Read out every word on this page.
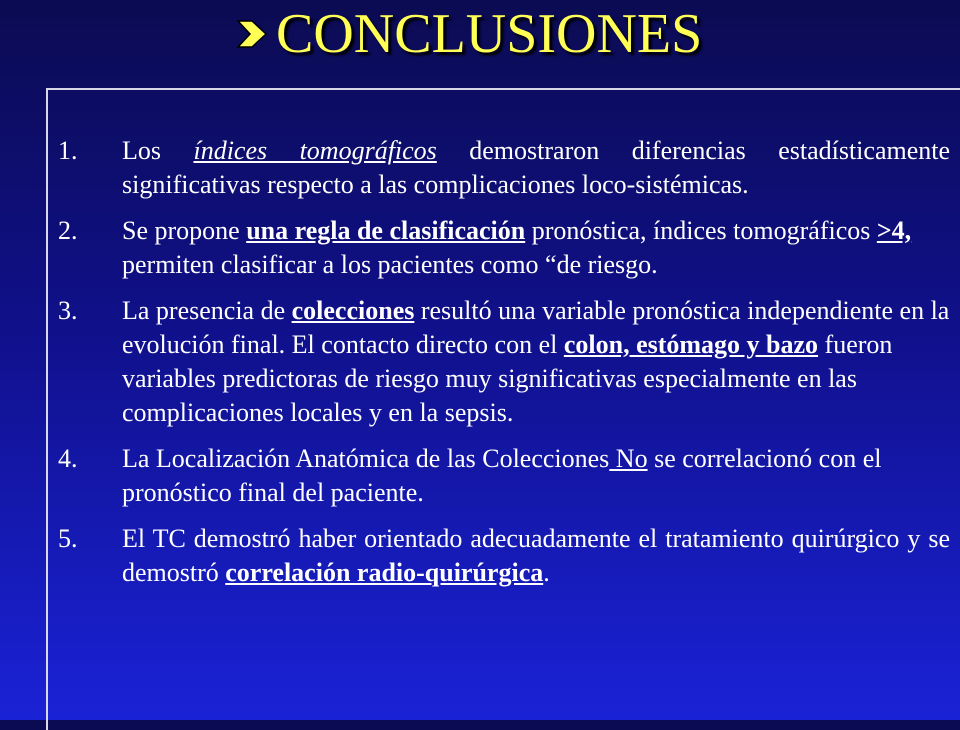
CONCLUSIONES
1.	Los índices tomográficos demostraron diferencias estadísticamente significativas respecto a las complicaciones loco-sistémicas.
2.	Se propone una regla de clasificación pronóstica, índices tomográficos >4, permiten clasificar a los pacientes como “de riesgo.
3.	La presencia de colecciones resultó una variable pronóstica independiente en la evolución final. El contacto directo con el colon, estómago y bazo fueron variables predictoras de riesgo muy significativas especialmente en las complicaciones locales y en la sepsis.
4.	La Localización Anatómica de las Colecciones No se correlacionó con el pronóstico final del paciente.
5.	El TC demostró haber orientado adecuadamente el tratamiento quirúrgico y se demostró correlación radio-quirúrgica.
